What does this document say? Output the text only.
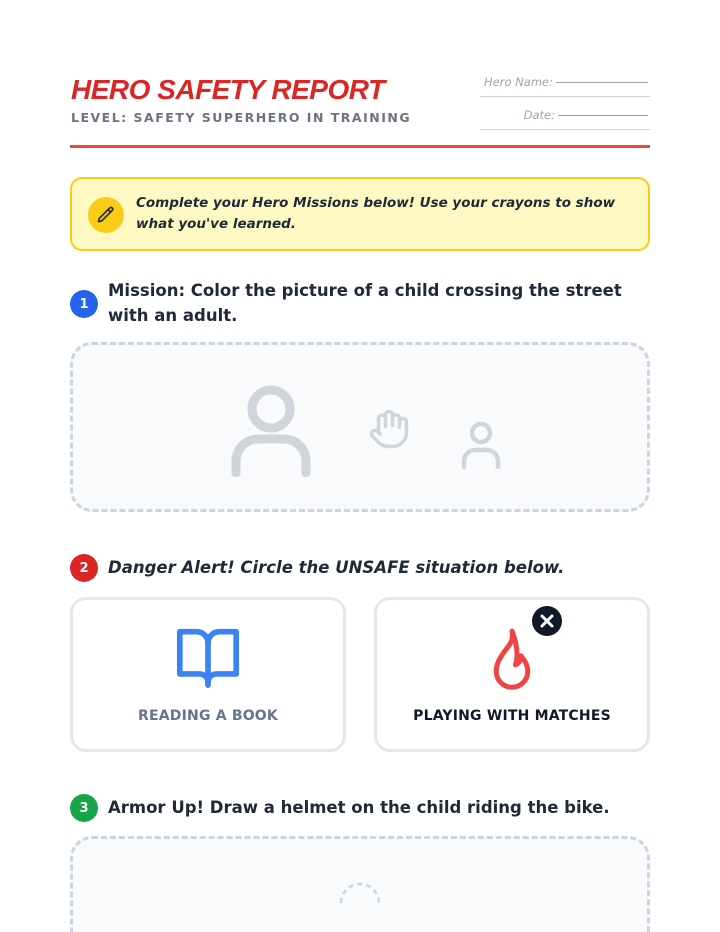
HERO SAFETY REPORT
LEVEL: SAFETY SUPERHERO IN TRAINING
Hero Name:
Date:
Complete your Hero Missions below! Use your crayons to show what you've learned.
1
Mission: Color the picture of a child crossing the street with an adult.
2	Danger Alert! Circle the UNSAFE situation below.
READING A BOOK	PLAYING WITH MATCHES
3	Armor Up! Draw a helmet on the child riding the bike.
